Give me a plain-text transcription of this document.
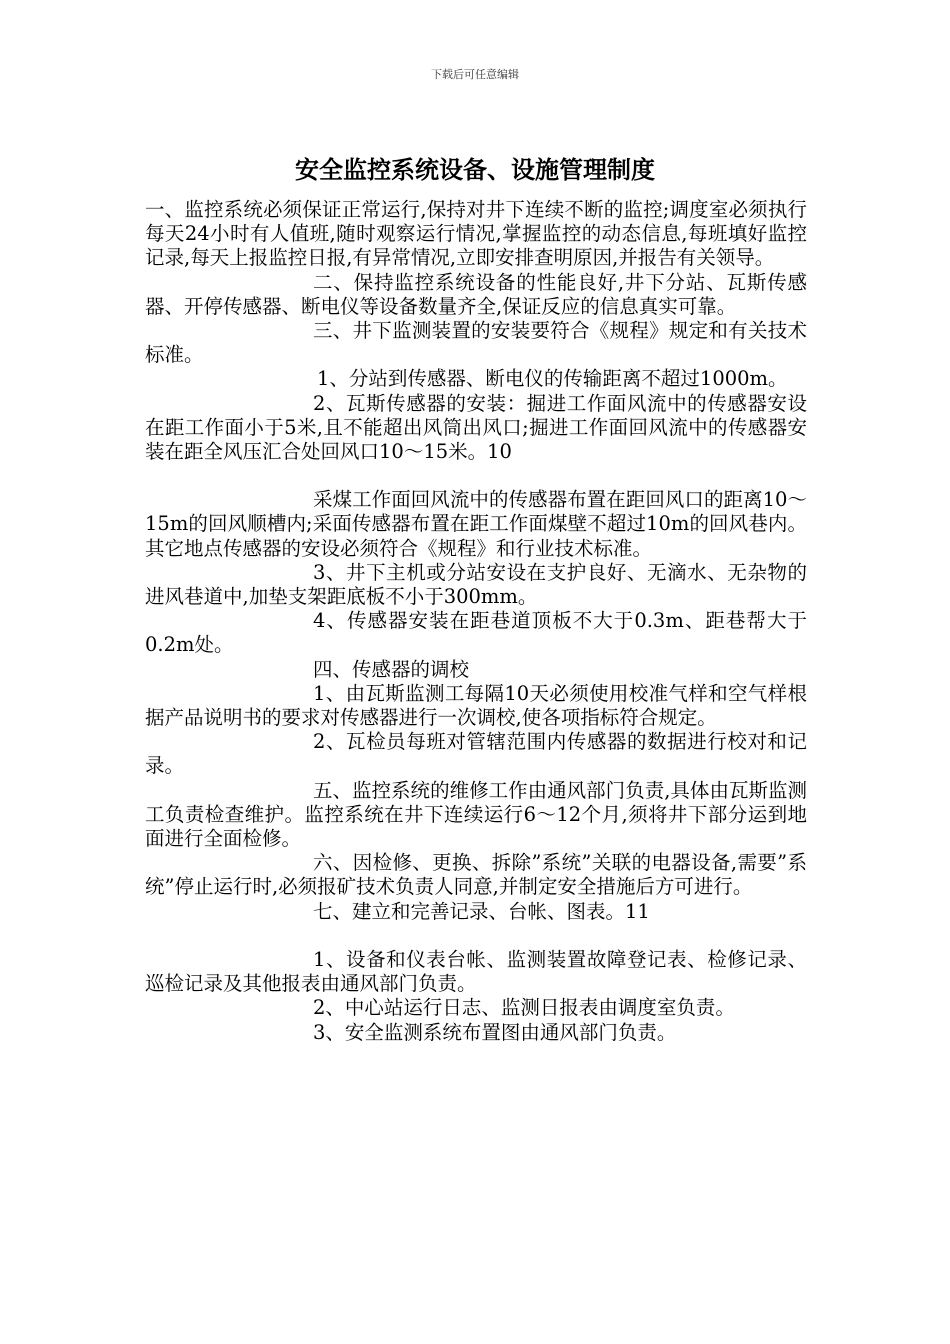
下载后可任意编辑
安全监控系统设备、设施管理制度

一、监控系统必须保证正常运行,保持对井下连续不断的监控;调度室必须执行每天24小时有人值班,随时观察运行情况,掌握监控的动态信息,每班填好监控记录,每天上报监控日报,有异常情况,立即安排查明原因,并报告有关领导。

二、保持监控系统设备的性能良好,井下分站、瓦斯传感器、开停传感器、断电仪等设备数量齐全,保证反应的信息真实可靠。

三、井下监测装置的安装要符合《规程》规定和有关技术标准。

1、分站到传感器、断电仪的传输距离不超过1000m。

2、瓦斯传感器的安装：掘进工作面风流中的传感器安设在距工作面小于5米,且不能超出风筒出风口;掘进工作面回风流中的传感器安装在距全风压汇合处回风口10～15米。10

采煤工作面回风流中的传感器布置在距回风口的距离10～15m的回风顺槽内;采面传感器布置在距工作面煤壁不超过10m的回风巷内。其它地点传感器的安设必须符合《规程》和行业技术标准。

3、井下主机或分站安设在支护良好、无滴水、无杂物的进风巷道中,加垫支架距底板不小于300mm。

4、传感器安装在距巷道顶板不大于0.3m、距巷帮大于0.2m处。

四、传感器的调校

1、由瓦斯监测工每隔10天必须使用校准气样和空气样根据产品说明书的要求对传感器进行一次调校,使各项指标符合规定。

2、瓦检员每班对管辖范围内传感器的数据进行校对和记录。

五、监控系统的维修工作由通风部门负责,具体由瓦斯监测工负责检查维护。监控系统在井下连续运行6～12个月,须将井下部分运到地面进行全面检修。

六、因检修、更换、拆除”系统”关联的电器设备,需要”系统”停止运行时,必须报矿技术负责人同意,并制定安全措施后方可进行。

七、建立和完善记录、台帐、图表。11

1、设备和仪表台帐、监测装置故障登记表、检修记录、巡检记录及其他报表由通风部门负责。

2、中心站运行日志、监测日报表由调度室负责。

3、安全监测系统布置图由通风部门负责。
